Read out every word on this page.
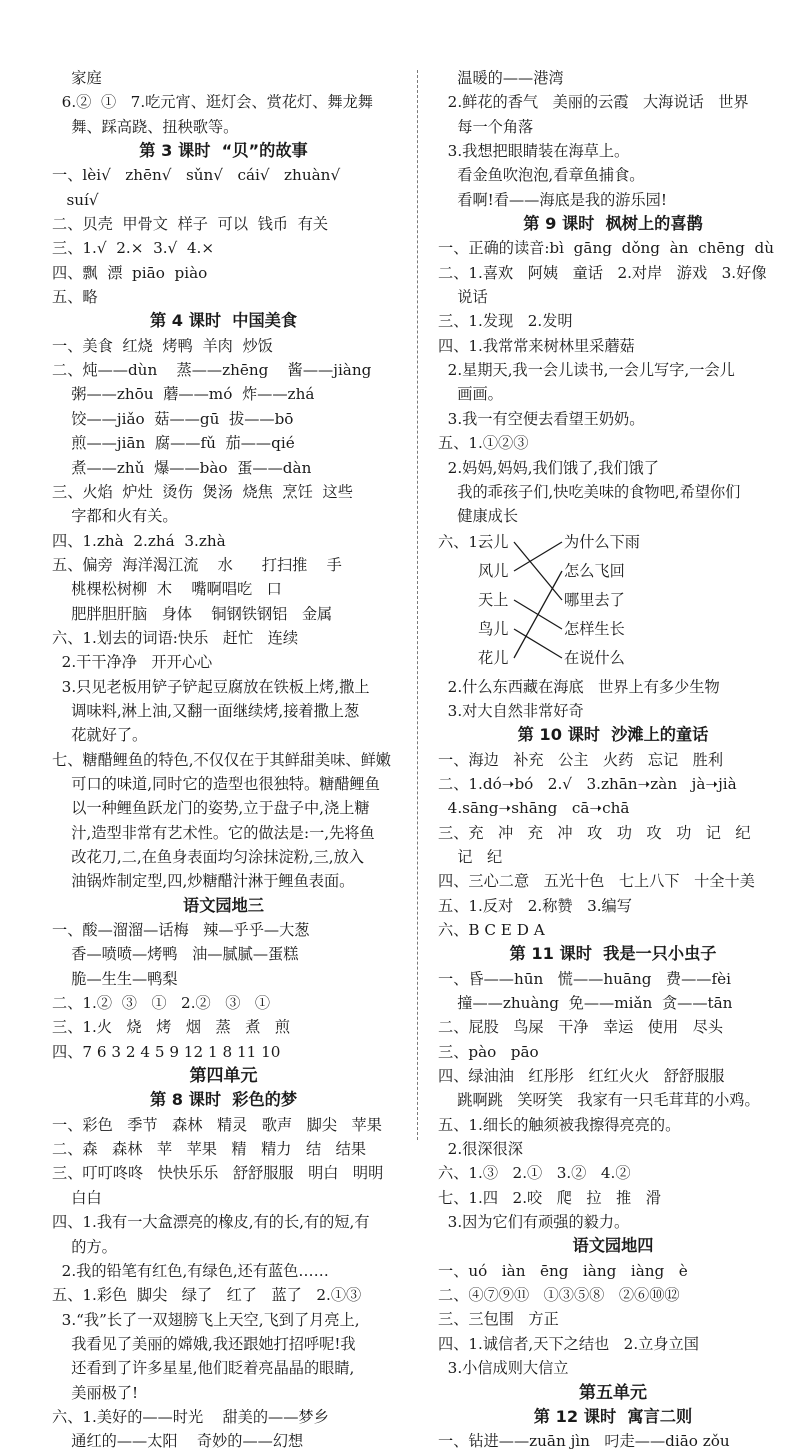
家庭
6.②  ①   7.吃元宵、逛灯会、赏花灯、舞龙舞
舞、踩高跷、扭秧歌等。
第 3 课时  “贝”的故事
一、lèi√   zhēn√   sǔn√   cái√   zhuàn√
suí√
二、贝壳  甲骨文  样子  可以  钱币  有关
三、1.√  2.×  3.√  4.×
四、飘  漂  piāo  piào
五、略
第 4 课时  中国美食
一、美食  红烧  烤鸭  羊肉  炒饭
二、炖——dùn    蒸——zhēng    酱——jiàng
粥——zhōu  蘑——mó  炸——zhá
饺——jiǎo  菇——gū  拔——bō
煎——jiān  腐——fǔ  茄——qié
煮——zhǔ  爆——bào  蛋——dàn
三、火焰  炉灶  烫伤  煲汤  烧焦  烹饪  这些
字都和火有关。
四、1.zhà  2.zhá  3.zhà
五、偏旁  海洋渴江流    水      打扫推    手
桃棵松树柳  木    嘴啊唱吃   口
肥胖胆肝脑   身体    铜钢铁钢铝   金属
六、1.划去的词语:快乐   赶忙   连续
2.干干净净   开开心心
3.只见老板用铲子铲起豆腐放在铁板上烤,撒上
调味料,淋上油,又翻一面继续烤,接着撒上葱
花就好了。
七、糖醋鲤鱼的特色,不仅仅在于其鲜甜美味、鲜嫩
可口的味道,同时它的造型也很独特。糖醋鲤鱼
以一种鲤鱼跃龙门的姿势,立于盘子中,浇上糖
汁,造型非常有艺术性。它的做法是:一,先将鱼
改花刀,二,在鱼身表面均匀涂抹淀粉,三,放入
油锅炸制定型,四,炒糖醋汁淋于鲤鱼表面。
语文园地三
一、酸—溜溜—话梅   辣—乎乎—大葱
香—喷喷—烤鸭   油—腻腻—蛋糕
脆—生生—鸭梨
二、1.②  ③   ①   2.②   ③   ①
三、1.火   烧   烤   烟   蒸   煮   煎
四、7 6 3 2 4 5 9 12 1 8 11 10
第四单元
第 8 课时  彩色的梦
一、彩色   季节   森林   精灵   歌声   脚尖   苹果
二、森   森林   苹   苹果   精   精力   结   结果
三、叮叮咚咚   快快乐乐   舒舒服服   明白   明明
白白
四、1.我有一大盒漂亮的橡皮,有的长,有的短,有
的方。
2.我的铅笔有红色,有绿色,还有蓝色……
五、1.彩色  脚尖   绿了   红了   蓝了   2.①③
3.“我”长了一双翅膀飞上天空,飞到了月亮上,
我看见了美丽的嫦娥,我还跟她打招呼呢!我
还看到了许多星星,他们眨着亮晶晶的眼睛,
美丽极了!
六、1.美好的——时光    甜美的——梦乡
通红的——太阳    奇妙的——幻想
温暖的——港湾
2.鲜花的香气   美丽的云霞   大海说话   世界
每一个角落
3.我想把眼睛装在海草上。
看金鱼吹泡泡,看章鱼捕食。
看啊!看——海底是我的游乐园!
第 9 课时  枫树上的喜鹊
一、正确的读音:bì  gāng  dǒng  àn  chēng  dù
二、1.喜欢   阿姨   童话   2.对岸   游戏   3.好像
说话
三、1.发现   2.发明
四、1.我常常来树林里采蘑菇
2.星期天,我一会儿读书,一会儿写字,一会儿
画画。
3.我一有空便去看望王奶奶。
五、1.①②③
2.妈妈,妈妈,我们饿了,我们饿了
我的乖孩子们,快吃美味的食物吧,希望你们
健康成长
六、1.
云儿
风儿
天上
鸟儿
花儿
为什么下雨
怎么飞回
哪里去了
怎样生长
在说什么
2.什么东西藏在海底   世界上有多少生物
3.对大自然非常好奇
第 10 课时  沙滩上的童话
一、海边   补充   公主   火药   忘记   胜利
二、1.dó➝bó   2.√   3.zhān➝zàn   jà➝jià
4.sāng➝shāng   cā➝chā
三、充   冲   充   冲   攻   功   攻   功   记   纪
记   纪
四、三心二意   五光十色   七上八下   十全十美
五、1.反对   2.称赞   3.编写
六、B C E D A
第 11 课时  我是一只小虫子
一、昏——hūn   慌——huāng   费——fèi
撞——zhuàng  免——miǎn  贪——tān
二、屁股   鸟屎   干净   幸运   使用   尽头
三、pào   pāo
四、绿油油   红彤彤   红红火火   舒舒服服
跳啊跳   笑呀笑   我家有一只毛茸茸的小鸡。
五、1.细长的触须被我擦得亮亮的。
2.很深很深
六、1.③   2.①   3.②   4.②
七、1.四   2.咬   爬   拉   推   滑
3.因为它们有顽强的毅力。
语文园地四
一、uó   iàn   ēng   iàng   iàng   è
二、④⑦⑨⑪   ①③⑤⑧   ②⑥⑩⑫
三、三包围   方正
四、1.诚信者,天下之结也   2.立身立国
3.小信成则大信立
第五单元
第 12 课时  寓言二则
一、钻进——zuān jìn   叼走——diāo zǒu
